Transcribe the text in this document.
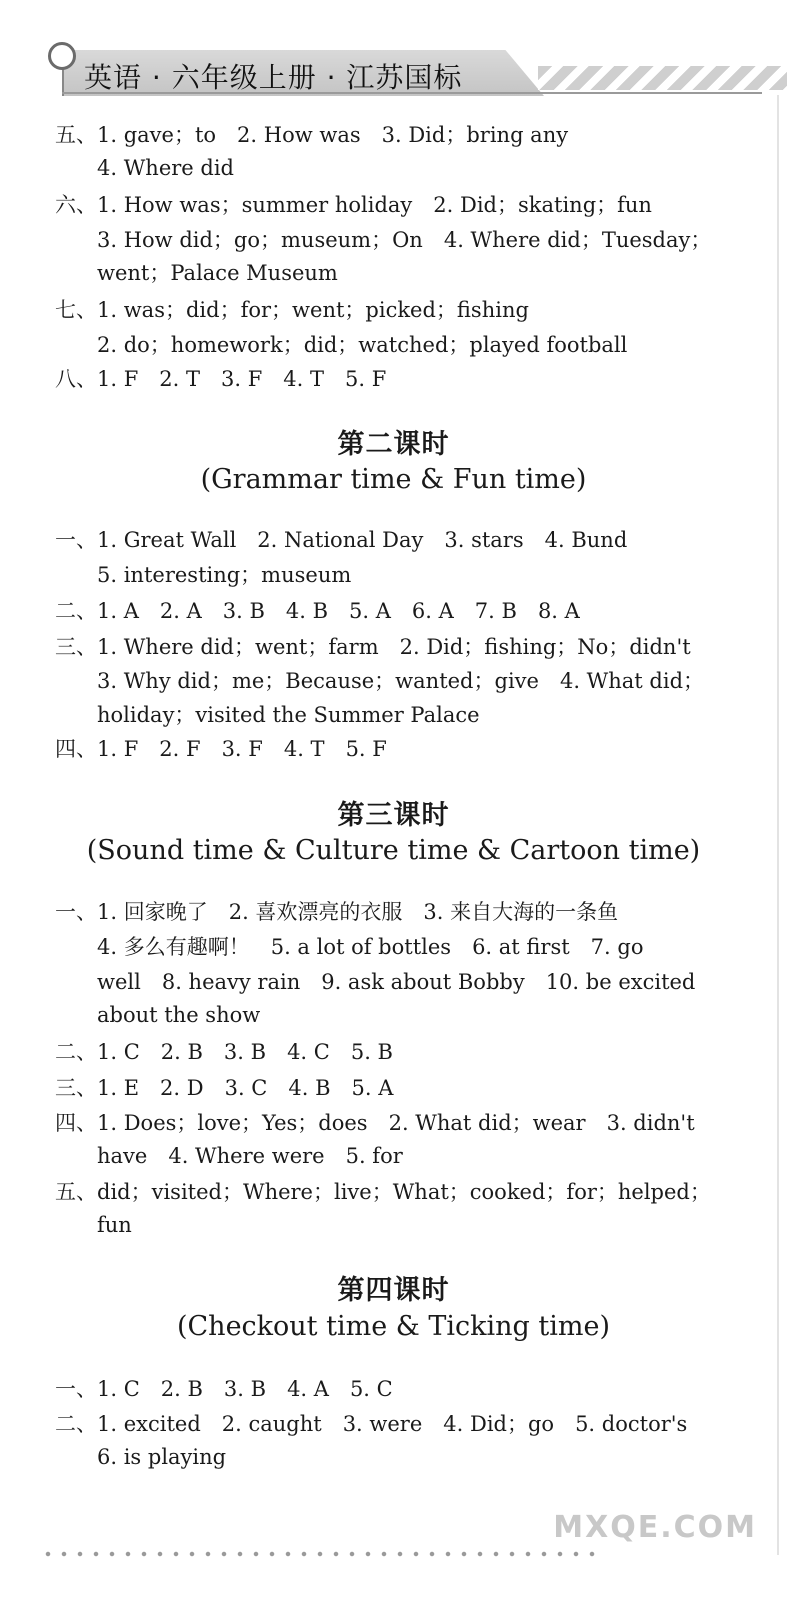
英语 · 六年级上册 · 江苏国标
五、1. gave；to　2. How was　3. Did；bring any
4. Where did
六、1. How was；summer holiday　2. Did；skating；fun
3. How did；go；museum；On　4. Where did；Tuesday；
went；Palace Museum
七、1. was；did；for；went；picked；fishing
2. do；homework；did；watched；played football
八、1. F　2. T　3. F　4. T　5. F
第二课时
(Grammar time & Fun time)
一、1. Great Wall　2. National Day　3. stars　4. Bund
5. interesting；museum
二、1. A　2. A　3. B　4. B　5. A　6. A　7. B　8. A
三、1. Where did；went；farm　2. Did；fishing；No；didn't
3. Why did；me；Because；wanted；give　4. What did；
holiday；visited the Summer Palace
四、1. F　2. F　3. F　4. T　5. F
第三课时
(Sound time & Culture time & Cartoon time)
一、1. 回家晚了　2. 喜欢漂亮的衣服　3. 来自大海的一条鱼
4. 多么有趣啊！　5. a lot of bottles　6. at first　7. go
well　8. heavy rain　9. ask about Bobby　10. be excited
about the show
二、1. C　2. B　3. B　4. C　5. B
三、1. E　2. D　3. C　4. B　5. A
四、1. Does；love；Yes；does　2. What did；wear　3. didn't
have　4. Where were　5. for
五、did；visited；Where；live；What；cooked；for；helped；
fun
第四课时
(Checkout time & Ticking time)
一、1. C　2. B　3. B　4. A　5. C
二、1. excited　2. caught　3. were　4. Did；go　5. doctor's
6. is playing
MXQE.COM
